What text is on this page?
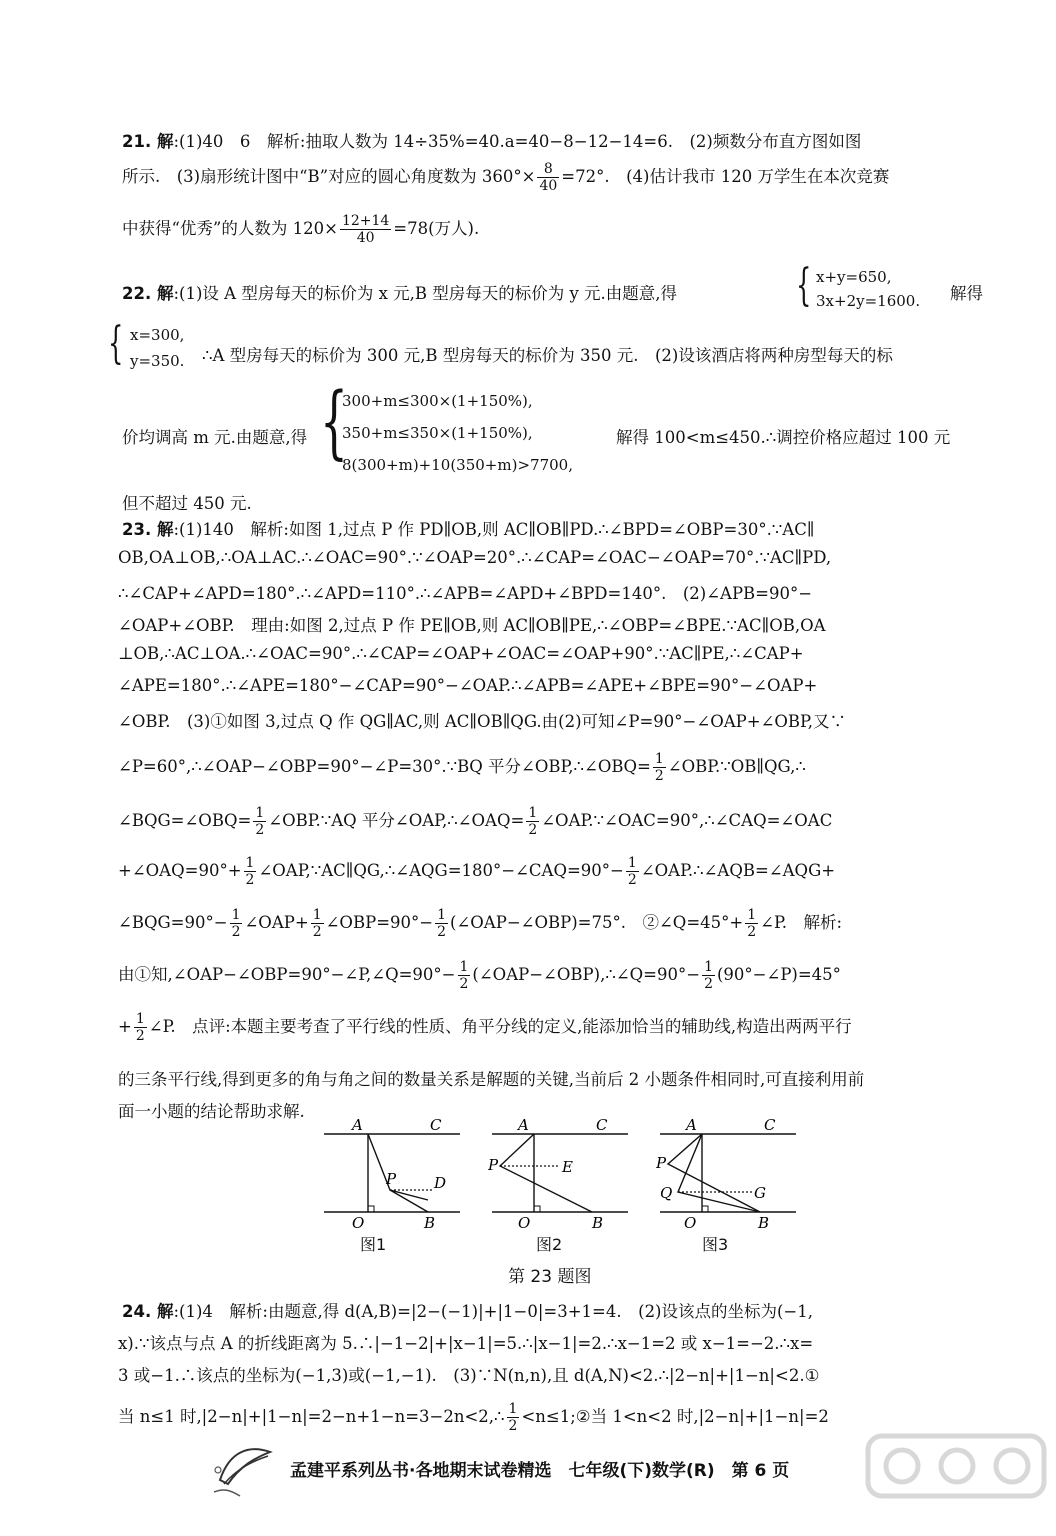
21. 解:(1)40　6　解析:抽取人数为 14÷35%=40.a=40−8−12−14=6.　(2)频数分布直方图如图
所示.　(3)扇形统计图中“B”对应的圆心角度数为 $360^\circ\times \frac{8}{40} =72^\circ$.　(4)估计我市 120 万学生在本次竞赛
中获得“优秀”的人数为 $120\times \frac{12+14}{40} =78$(万人).
22. 解:(1)设 A 型房每天的标价为 x 元,B 型房每天的标价为 y 元.由题意,得	{ x+y=650,
3x+2y=1600. 解得
{ x=300,
y=350. ∴A 型房每天的标价为 300 元,B 型房每天的标价为 350 元.　(2)设该酒店将两种房型每天的标
价均调高 m 元.由题意,得 {
300+m≤300×(1+150%),
350+m≤350×(1+150%),
8(300+m)+10(350+m)>7700,
解得 100<m≤450.∴调控价格应超过 100 元
但不超过 450 元.
23. 解:(1)140　解析:如图 1,过点 P 作 PD∥OB,则 AC∥OB∥PD.∴∠BPD=∠OBP=30°.∵AC∥
OB,OA⊥OB,∴OA⊥AC.∴∠OAC=90°.∵∠OAP=20°.∴∠CAP=∠OAC−∠OAP=70°.∵AC∥PD,
∴∠CAP+∠APD=180°.∴∠APD=110°.∴∠APB=∠APD+∠BPD=140°.　(2)∠APB=90°−
∠OAP+∠OBP.　理由:如图 2,过点 P 作 PE∥OB,则 AC∥OB∥PE,∴∠OBP=∠BPE.∵AC∥OB,OA
⊥OB,∴AC⊥OA.∴∠OAC=90°.∴∠CAP=∠OAP+∠OAC=∠OAP+90°.∵AC∥PE,∴∠CAP+
∠APE=180°.∴∠APE=180°−∠CAP=90°−∠OAP.∴∠APB=∠APE+∠BPE=90°−∠OAP+
∠OBP.　(3)①如图 3,过点 Q 作 QG∥AC,则 AC∥OB∥QG.由(2)可知∠P=90°−∠OAP+∠OBP,又∵
∠P=60°,∴∠OAP−∠OBP=90°−∠P=30°.∵BQ 平分∠OBP,∴∠OBQ= $\frac{1}{2}$ ∠OBP.∵OB∥QG,∴
∠BQG=∠OBQ= $\frac{1}{2}$ ∠OBP.∵AQ 平分∠OAP,∴∠OAQ= $\frac{1}{2}$ ∠OAP.∵∠OAC=90°,∴∠CAQ=∠OAC
+∠OAQ=90°+ $\frac{1}{2}$ ∠OAP,∵AC∥QG,∴∠AQG=180°−∠CAQ=90°− $\frac{1}{2}$ ∠OAP.∴∠AQB=∠AQG+
∠BQG=90°− $\frac{1}{2}$ ∠OAP+ $\frac{1}{2}$ ∠OBP=90°− $\frac{1}{2}$ (∠OAP−∠OBP)=75°.　②∠Q=45°+ $\frac{1}{2}$ ∠P.　解析:
由①知,∠OAP−∠OBP=90°−∠P,∠Q=90°− $\frac{1}{2}$ (∠OAP−∠OBP),∴∠Q=90°− $\frac{1}{2}$ (90°−∠P)=45°
+ $\frac{1}{2}$ ∠P.　点评:本题主要考查了平行线的性质、角平分线的定义,能添加恰当的辅助线,构造出两两平行
的三条平行线,得到更多的角与角之间的数量关系是解题的关键,当前后 2 小题条件相同时,可直接利用前
面一小题的结论帮助求解.
A	C
P	D
O	B
图1
A	C
P	E
O	B
图2
A	C
P
Q	G
O	B
图3
第 23 题图
24. 解:(1)4　解析:由题意,得 d(A,B)=|2−(−1)|+|1−0|=3+1=4.　(2)设该点的坐标为(−1,
x).∵该点与点 A 的折线距离为 5.∴|−1−2|+|x−1|=5.∴|x−1|=2.∴x−1=2 或 x−1=−2.∴x=
3 或−1.∴该点的坐标为(−1,3)或(−1,−1).　(3)∵N(n,n),且 d(A,N)<2.∴|2−n|+|1−n|<2.①
当 n≤1 时,|2−n|+|1−n|=2−n+1−n=3−2n<2,∴ $\frac{1}{2}$ <n≤1;②当 1<n<2 时,|2−n|+|1−n|=2
孟建平系列丛书·各地期末试卷精选　七年级(下)数学(R)　第 6 页
